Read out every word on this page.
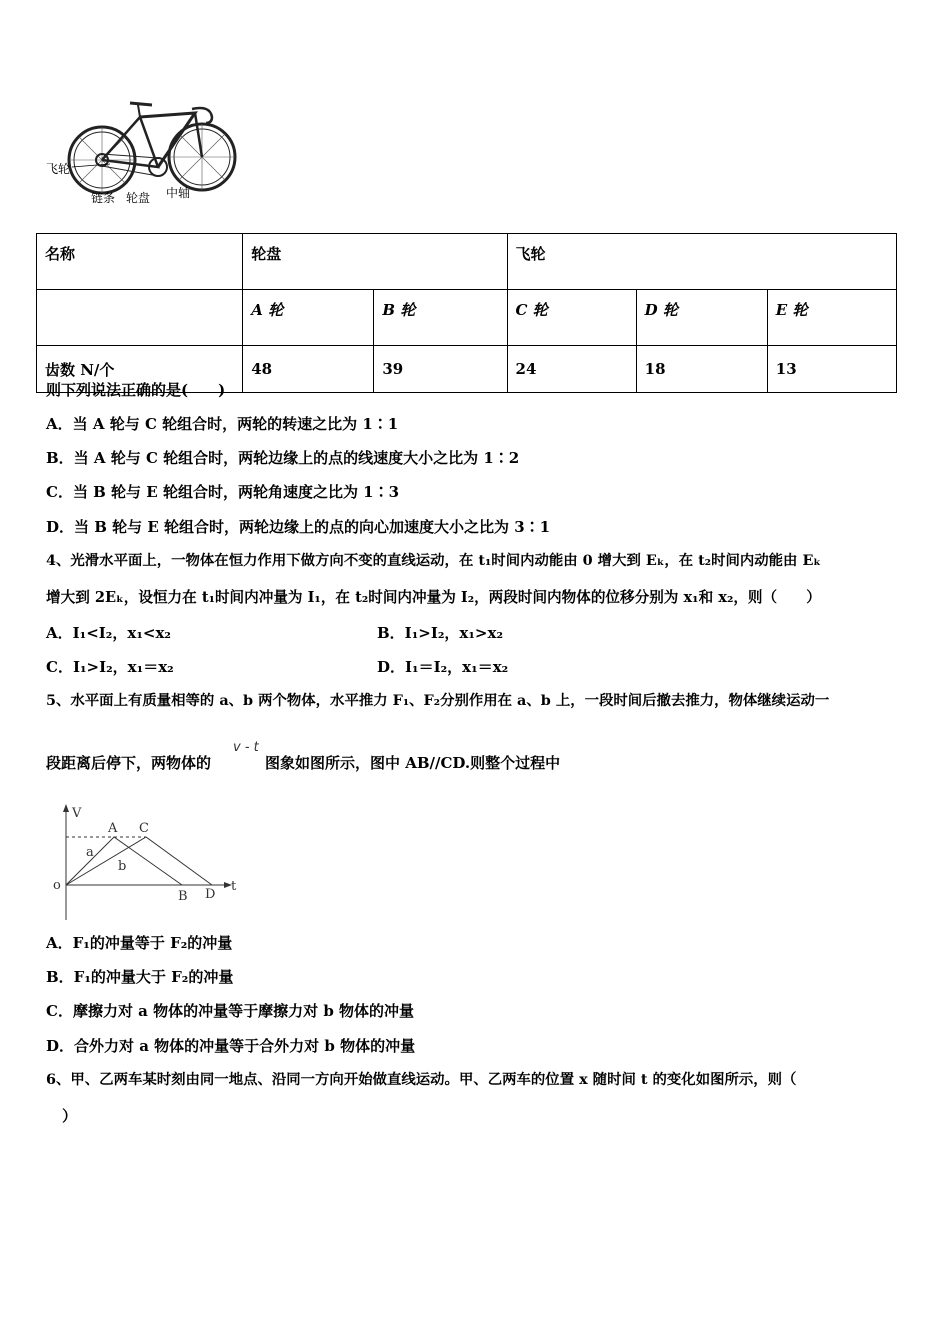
飞轮
链条 轮盘 中轴
名称	轮盘		飞轮		
	A 轮	B 轮	C 轮	D 轮	E 轮
齿数 N/个	48	39	24	18	13
则下列说法正确的是(　　)
A．当 A 轮与 C 轮组合时，两轮的转速之比为 1∶1
B．当 A 轮与 C 轮组合时，两轮边缘上的点的线速度大小之比为 1∶2
C．当 B 轮与 E 轮组合时，两轮角速度之比为 1∶3
D．当 B 轮与 E 轮组合时，两轮边缘上的点的向心加速度大小之比为 3∶1
4、光滑水平面上，一物体在恒力作用下做方向不变的直线运动，在 t₁时间内动能由 0 增大到 Eₖ，在 t₂时间内动能由 Eₖ
增大到 2Eₖ，设恒力在 t₁时间内冲量为 I₁，在 t₂时间内冲量为 I₂，两段时间内物体的位移分别为 x₁和 x₂，则（　　）
A．I₁<I₂，x₁<x₂	B．I₁>I₂，x₁>x₂
C．I₁>I₂，x₁＝x₂	D．I₁＝I₂，x₁＝x₂
5、水平面上有质量相等的 a、b 两个物体，水平推力 F₁、F₂分别作用在 a、b 上，一段时间后撤去推力，物体继续运动一
段距离后停下，两物体的
v - t
图象如图所示，图中 AB//CD.则整个过程中
V
A C
a
b
o
B D
t
A．F₁的冲量等于 F₂的冲量
B．F₁的冲量大于 F₂的冲量
C．摩擦力对 a 物体的冲量等于摩擦力对 b 物体的冲量
D．合外力对 a 物体的冲量等于合外力对 b 物体的冲量
6、甲、乙两车某时刻由同一地点、沿同一方向开始做直线运动。甲、乙两车的位置 x 随时间 t 的变化如图所示，则（
）
